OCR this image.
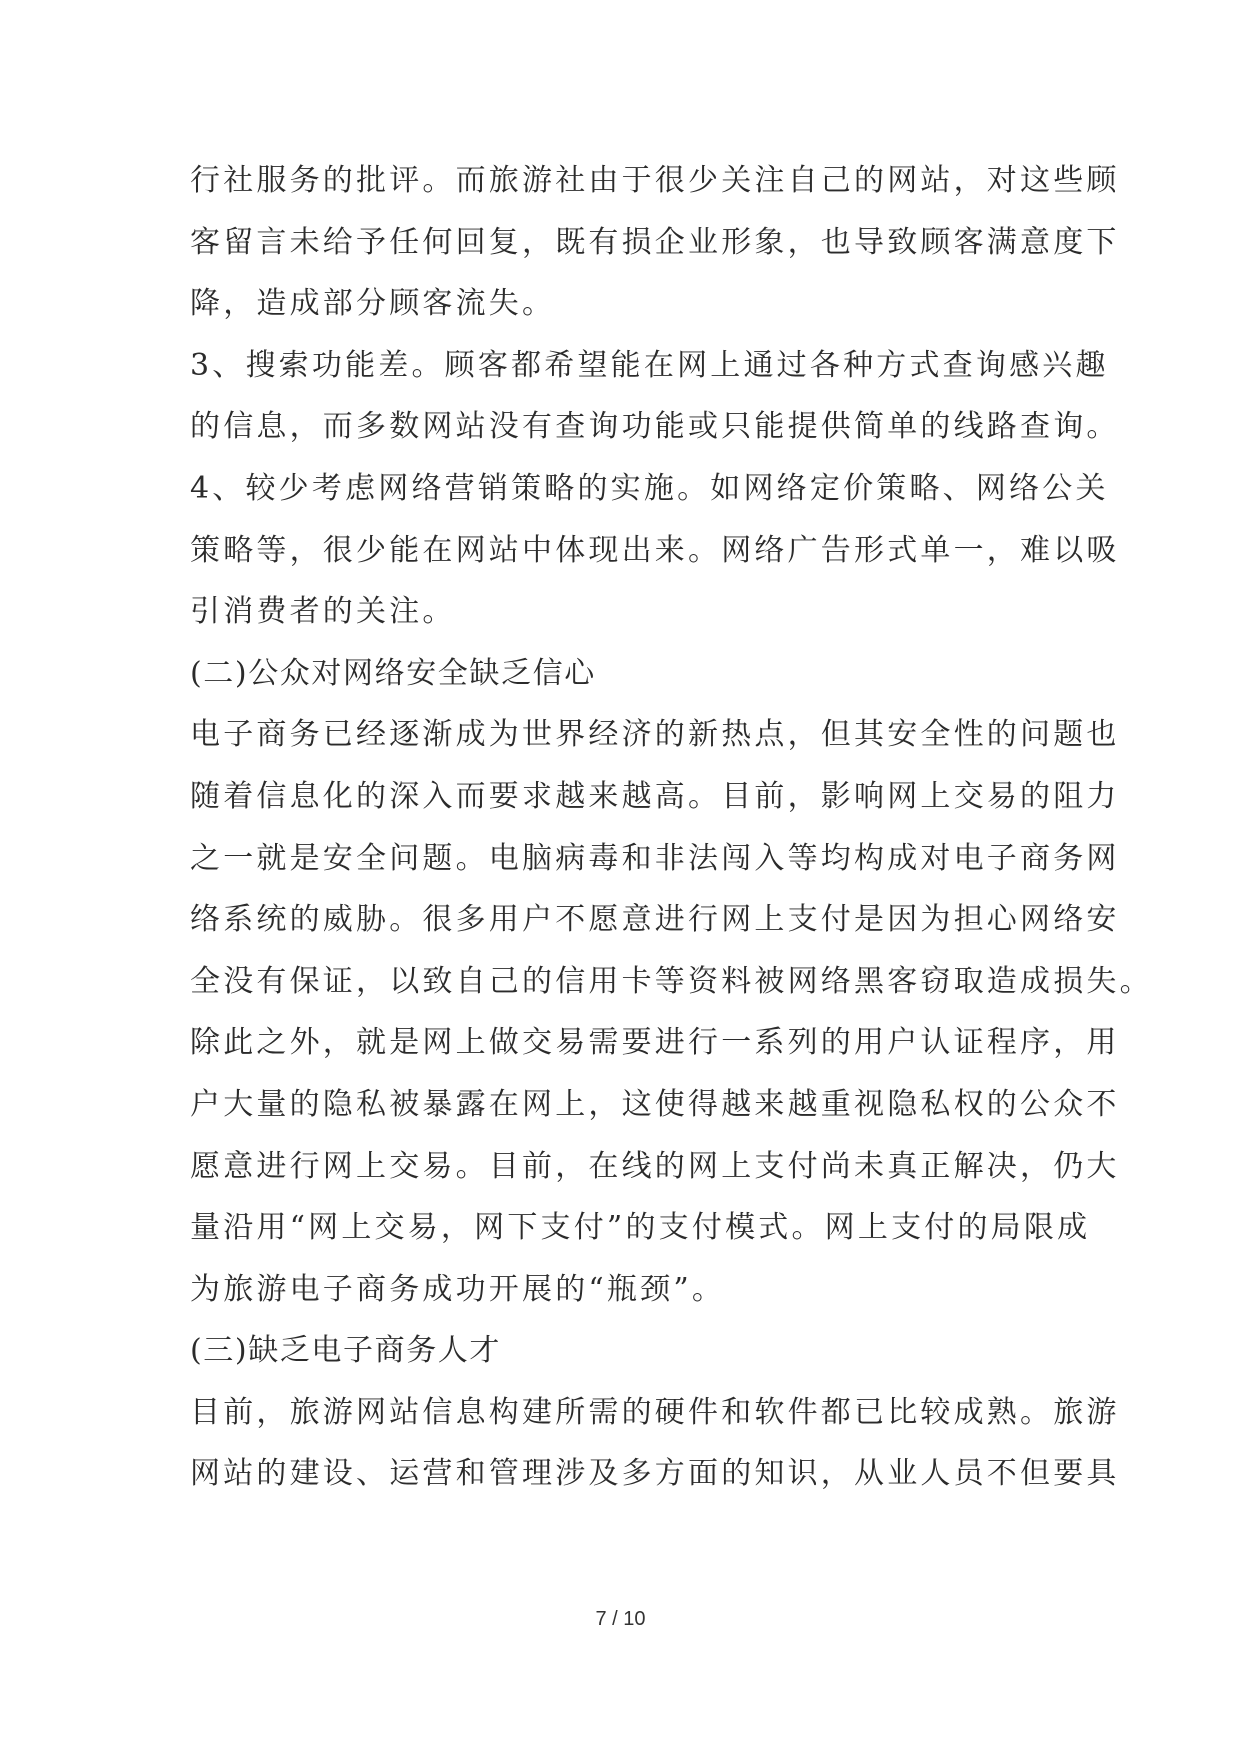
行社服务的批评。而旅游社由于很少关注自己的网站，对这些顾
客留言未给予任何回复，既有损企业形象，也导致顾客满意度下
降，造成部分顾客流失。
3、搜索功能差。顾客都希望能在网上通过各种方式查询感兴趣
的信息，而多数网站没有查询功能或只能提供简单的线路查询。
4、较少考虑网络营销策略的实施。如网络定价策略、网络公关
策略等，很少能在网站中体现出来。网络广告形式单一，难以吸
引消费者的关注。
(二)公众对网络安全缺乏信心
电子商务已经逐渐成为世界经济的新热点，但其安全性的问题也
随着信息化的深入而要求越来越高。目前，影响网上交易的阻力
之一就是安全问题。电脑病毒和非法闯入等均构成对电子商务网
络系统的威胁。很多用户不愿意进行网上支付是因为担心网络安
全没有保证，以致自己的信用卡等资料被网络黑客窃取造成损失。
除此之外，就是网上做交易需要进行一系列的用户认证程序，用
户大量的隐私被暴露在网上，这使得越来越重视隐私权的公众不
愿意进行网上交易。目前，在线的网上支付尚未真正解决，仍大
量沿用“网上交易，网下支付”的支付模式。网上支付的局限成
为旅游电子商务成功开展的“瓶颈”。
(三)缺乏电子商务人才
目前，旅游网站信息构建所需的硬件和软件都已比较成熟。旅游
网站的建设、运营和管理涉及多方面的知识，从业人员不但要具
7 / 10
